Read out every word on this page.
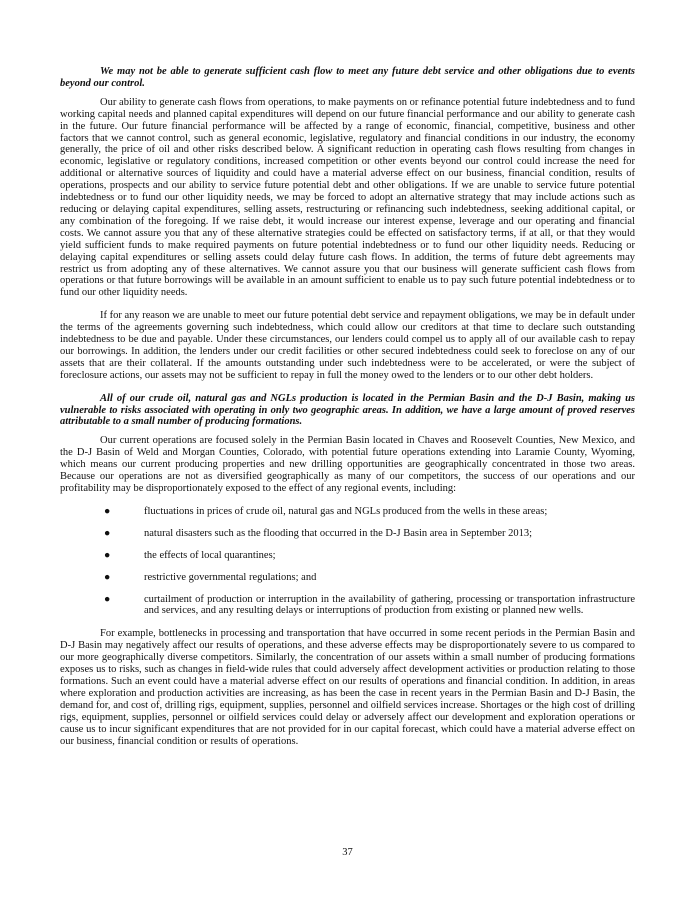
We may not be able to generate sufficient cash flow to meet any future debt service and other obligations due to events beyond our control.

Our ability to generate cash flows from operations, to make payments on or refinance potential future indebtedness and to fund working capital needs and planned capital expenditures will depend on our future financial performance and our ability to generate cash in the future. Our future financial performance will be affected by a range of economic, financial, competitive, business and other factors that we cannot control, such as general economic, legislative, regulatory and financial conditions in our industry, the economy generally, the price of oil and other risks described below. A significant reduction in operating cash flows resulting from changes in economic, legislative or regulatory conditions, increased competition or other events beyond our control could increase the need for additional or alternative sources of liquidity and could have a material adverse effect on our business, financial condition, results of operations, prospects and our ability to service future potential debt and other obligations. If we are unable to service future potential indebtedness or to fund our other liquidity needs, we may be forced to adopt an alternative strategy that may include actions such as reducing or delaying capital expenditures, selling assets, restructuring or refinancing such indebtedness, seeking additional capital, or any combination of the foregoing. If we raise debt, it would increase our interest expense, leverage and our operating and financial costs. We cannot assure you that any of these alternative strategies could be effected on satisfactory terms, if at all, or that they would yield sufficient funds to make required payments on future potential indebtedness or to fund our other liquidity needs. Reducing or delaying capital expenditures or selling assets could delay future cash flows. In addition, the terms of future debt agreements may restrict us from adopting any of these alternatives. We cannot assure you that our business will generate sufficient cash flows from operations or that future borrowings will be available in an amount sufficient to enable us to pay such future potential indebtedness or to fund our other liquidity needs.

If for any reason we are unable to meet our future potential debt service and repayment obligations, we may be in default under the terms of the agreements governing such indebtedness, which could allow our creditors at that time to declare such outstanding indebtedness to be due and payable. Under these circumstances, our lenders could compel us to apply all of our available cash to repay our borrowings. In addition, the lenders under our credit facilities or other secured indebtedness could seek to foreclose on any of our assets that are their collateral. If the amounts outstanding under such indebtedness were to be accelerated, or were the subject of foreclosure actions, our assets may not be sufficient to repay in full the money owed to the lenders or to our other debt holders.

All of our crude oil, natural gas and NGLs production is located in the Permian Basin and the D-J Basin, making us vulnerable to risks associated with operating in only two geographic areas. In addition, we have a large amount of proved reserves attributable to a small number of producing formations.

Our current operations are focused solely in the Permian Basin located in Chaves and Roosevelt Counties, New Mexico, and the D-J Basin of Weld and Morgan Counties, Colorado, with potential future operations extending into Laramie County, Wyoming, which means our current producing properties and new drilling opportunities are geographically concentrated in those two areas. Because our operations are not as diversified geographically as many of our competitors, the success of our operations and our profitability may be disproportionately exposed to the effect of any regional events, including:

●	fluctuations in prices of crude oil, natural gas and NGLs produced from the wells in these areas;
●	natural disasters such as the flooding that occurred in the D-J Basin area in September 2013;
●	the effects of local quarantines;
●	restrictive governmental regulations; and
●	curtailment of production or interruption in the availability of gathering, processing or transportation infrastructure and services, and any resulting delays or interruptions of production from existing or planned new wells.

For example, bottlenecks in processing and transportation that have occurred in some recent periods in the Permian Basin and D-J Basin may negatively affect our results of operations, and these adverse effects may be disproportionately severe to us compared to our more geographically diverse competitors. Similarly, the concentration of our assets within a small number of producing formations exposes us to risks, such as changes in field-wide rules that could adversely affect development activities or production relating to those formations. Such an event could have a material adverse effect on our results of operations and financial condition. In addition, in areas where exploration and production activities are increasing, as has been the case in recent years in the Permian Basin and D-J Basin, the demand for, and cost of, drilling rigs, equipment, supplies, personnel and oilfield services increase. Shortages or the high cost of drilling rigs, equipment, supplies, personnel or oilfield services could delay or adversely affect our development and exploration operations or cause us to incur significant expenditures that are not provided for in our capital forecast, which could have a material adverse effect on our business, financial condition or results of operations.

37
